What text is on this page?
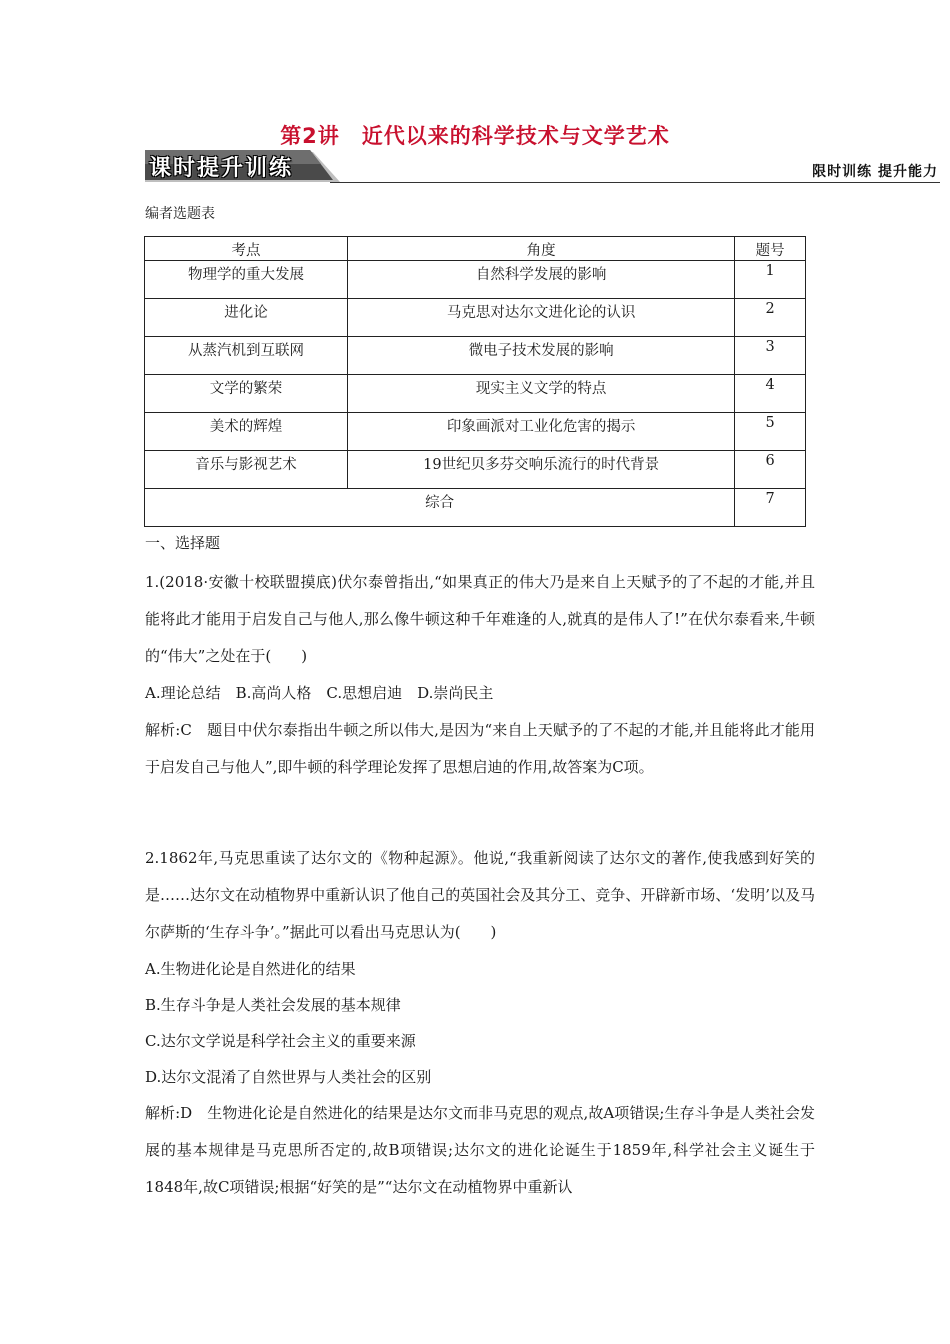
第2讲　近代以来的科学技术与文学艺术
课时提升训练	限时训练 提升能力
编者选题表
考点	角度	题号
物理学的重大发展	自然科学发展的影响	1
进化论	马克思对达尔文进化论的认识	2
从蒸汽机到互联网	微电子技术发展的影响	3
文学的繁荣	现实主义文学的特点	4
美术的辉煌	印象画派对工业化危害的揭示	5
音乐与影视艺术	19世纪贝多芬交响乐流行的时代背景	6
综合		7
一、选择题

1.(2018·安徽十校联盟摸底)伏尔泰曾指出,“如果真正的伟大乃是来自上天赋予的了不起的才能,并且能将此才能用于启发自己与他人,那么像牛顿这种千年难逢的人,就真的是伟人了!”在伏尔泰看来,牛顿的“伟大”之处在于(　　)

A.理论总结　B.高尚人格　C.思想启迪　D.崇尚民主

解析:C　题目中伏尔泰指出牛顿之所以伟大,是因为“来自上天赋予的了不起的才能,并且能将此才能用于启发自己与他人”,即牛顿的科学理论发挥了思想启迪的作用,故答案为C项。

2.1862年,马克思重读了达尔文的《物种起源》。他说,“我重新阅读了达尔文的著作,使我感到好笑的是……达尔文在动植物界中重新认识了他自己的英国社会及其分工、竞争、开辟新市场、‘发明’以及马尔萨斯的‘生存斗争’。”据此可以看出马克思认为(　　)

A.生物进化论是自然进化的结果

B.生存斗争是人类社会发展的基本规律

C.达尔文学说是科学社会主义的重要来源

D.达尔文混淆了自然世界与人类社会的区别

解析:D　生物进化论是自然进化的结果是达尔文而非马克思的观点,故A项错误;生存斗争是人类社会发展的基本规律是马克思所否定的,故B项错误;达尔文的进化论诞生于1859年,科学社会主义诞生于1848年,故C项错误;根据“好笑的是”“达尔文在动植物界中重新认
